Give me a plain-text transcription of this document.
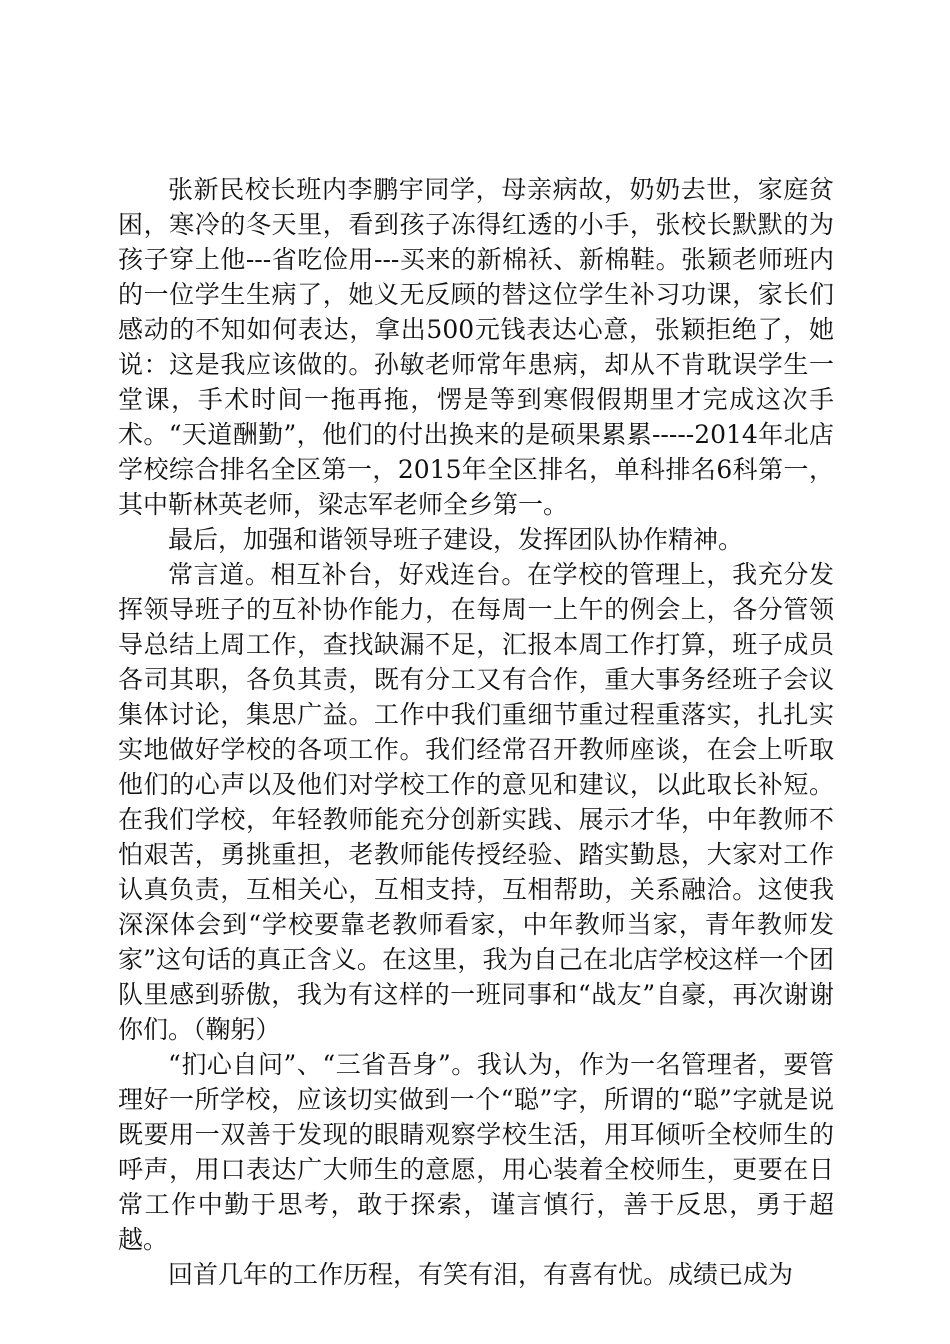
张新民校长班内李鹏宇同学，母亲病故，奶奶去世，家庭贫困，寒冷的冬天里，看到孩子冻得红透的小手，张校长默默的为孩子穿上他---省吃俭用---买来的新棉袄、新棉鞋。张颖老师班内的一位学生生病了，她义无反顾的替这位学生补习功课，家长们感动的不知如何表达，拿出500元钱表达心意，张颖拒绝了，她说：这是我应该做的。孙敏老师常年患病，却从不肯耽误学生一堂课，手术时间一拖再拖，愣是等到寒假假期里才完成这次手术。“天道酬勤”，他们的付出换来的是硕果累累-----2014年北店学校综合排名全区第一，2015年全区排名，单科排名6科第一，其中靳林英老师，梁志军老师全乡第一。

最后，加强和谐领导班子建设，发挥团队协作精神。

常言道。相互补台，好戏连台。在学校的管理上，我充分发挥领导班子的互补协作能力，在每周一上午的例会上，各分管领导总结上周工作，查找缺漏不足，汇报本周工作打算，班子成员各司其职，各负其责，既有分工又有合作，重大事务经班子会议集体讨论，集思广益。工作中我们重细节重过程重落实，扎扎实实地做好学校的各项工作。我们经常召开教师座谈，在会上听取他们的心声以及他们对学校工作的意见和建议，以此取长补短。在我们学校，年轻教师能充分创新实践、展示才华，中年教师不怕艰苦，勇挑重担，老教师能传授经验、踏实勤恳，大家对工作认真负责，互相关心，互相支持，互相帮助，关系融洽。这使我深深体会到“学校要靠老教师看家，中年教师当家，青年教师发家”这句话的真正含义。在这里，我为自己在北店学校这样一个团队里感到骄傲，我为有这样的一班同事和“战友”自豪，再次谢谢你们。（鞠躬）

“扪心自问”、“三省吾身”。我认为，作为一名管理者，要管理好一所学校，应该切实做到一个“聪”字，所谓的“聪”字就是说既要用一双善于发现的眼睛观察学校生活，用耳倾听全校师生的呼声，用口表达广大师生的意愿，用心装着全校师生，更要在日常工作中勤于思考，敢于探索，谨言慎行，善于反思，勇于超越。

回首几年的工作历程，有笑有泪，有喜有忧。成绩已成为
